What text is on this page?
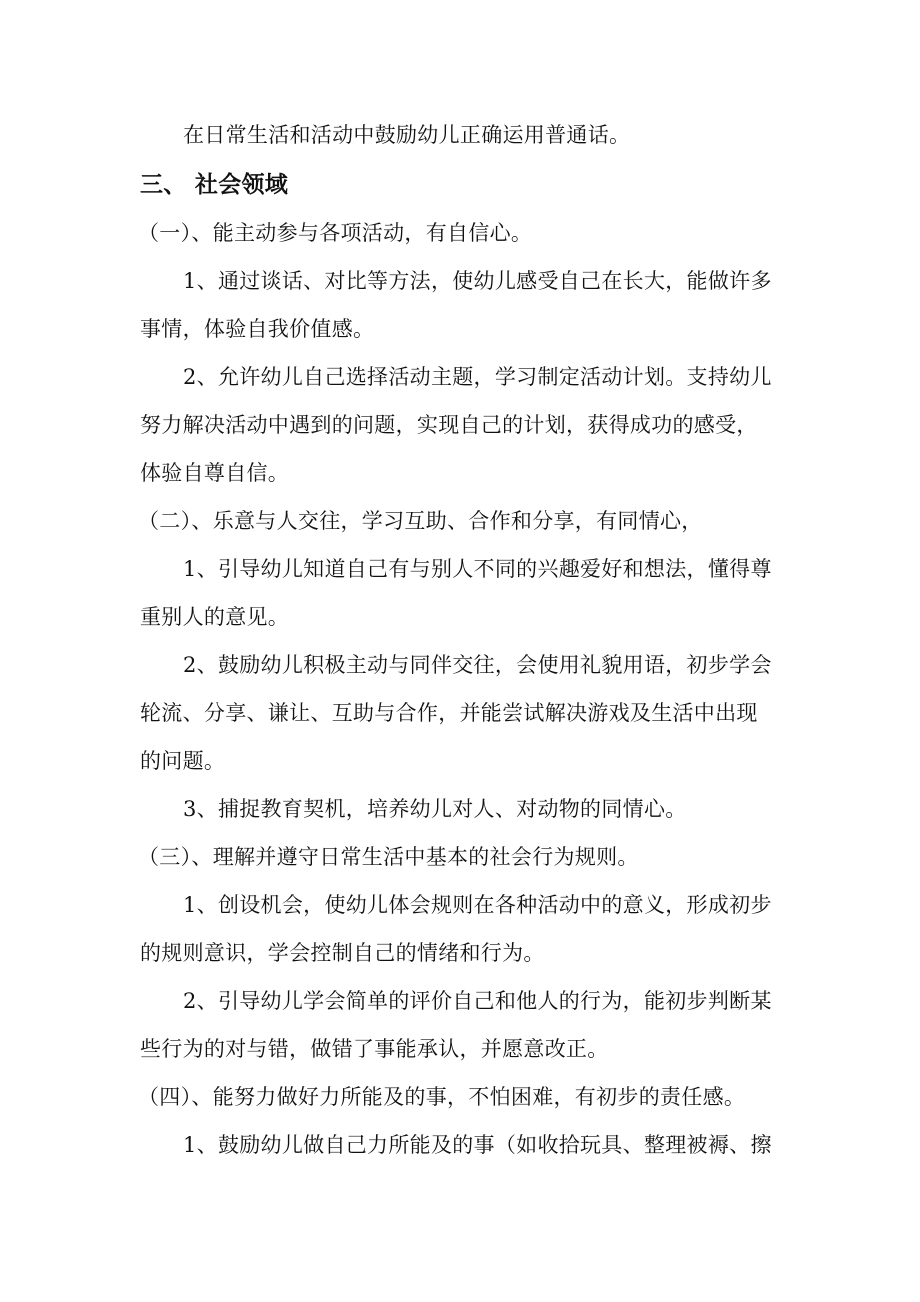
在日常生活和活动中鼓励幼儿正确运用普通话。
三、 社会领域
（一）、能主动参与各项活动，有自信心。
1、通过谈话、对比等方法，使幼儿感受自己在长大，能做许多
事情，体验自我价值感。
2、允许幼儿自己选择活动主题，学习制定活动计划。支持幼儿
努力解决活动中遇到的问题，实现自己的计划，获得成功的感受，
体验自尊自信。
（二）、乐意与人交往，学习互助、合作和分享，有同情心，
1、引导幼儿知道自己有与别人不同的兴趣爱好和想法，懂得尊
重别人的意见。
2、鼓励幼儿积极主动与同伴交往，会使用礼貌用语，初步学会
轮流、分享、谦让、互助与合作，并能尝试解决游戏及生活中出现
的问题。
3、捕捉教育契机，培养幼儿对人、对动物的同情心。
（三）、理解并遵守日常生活中基本的社会行为规则。
1、创设机会，使幼儿体会规则在各种活动中的意义，形成初步
的规则意识，学会控制自己的情绪和行为。
2、引导幼儿学会简单的评价自己和他人的行为，能初步判断某
些行为的对与错，做错了事能承认，并愿意改正。
（四）、能努力做好力所能及的事，不怕困难，有初步的责任感。
1、鼓励幼儿做自己力所能及的事（如收拾玩具、整理被褥、擦
